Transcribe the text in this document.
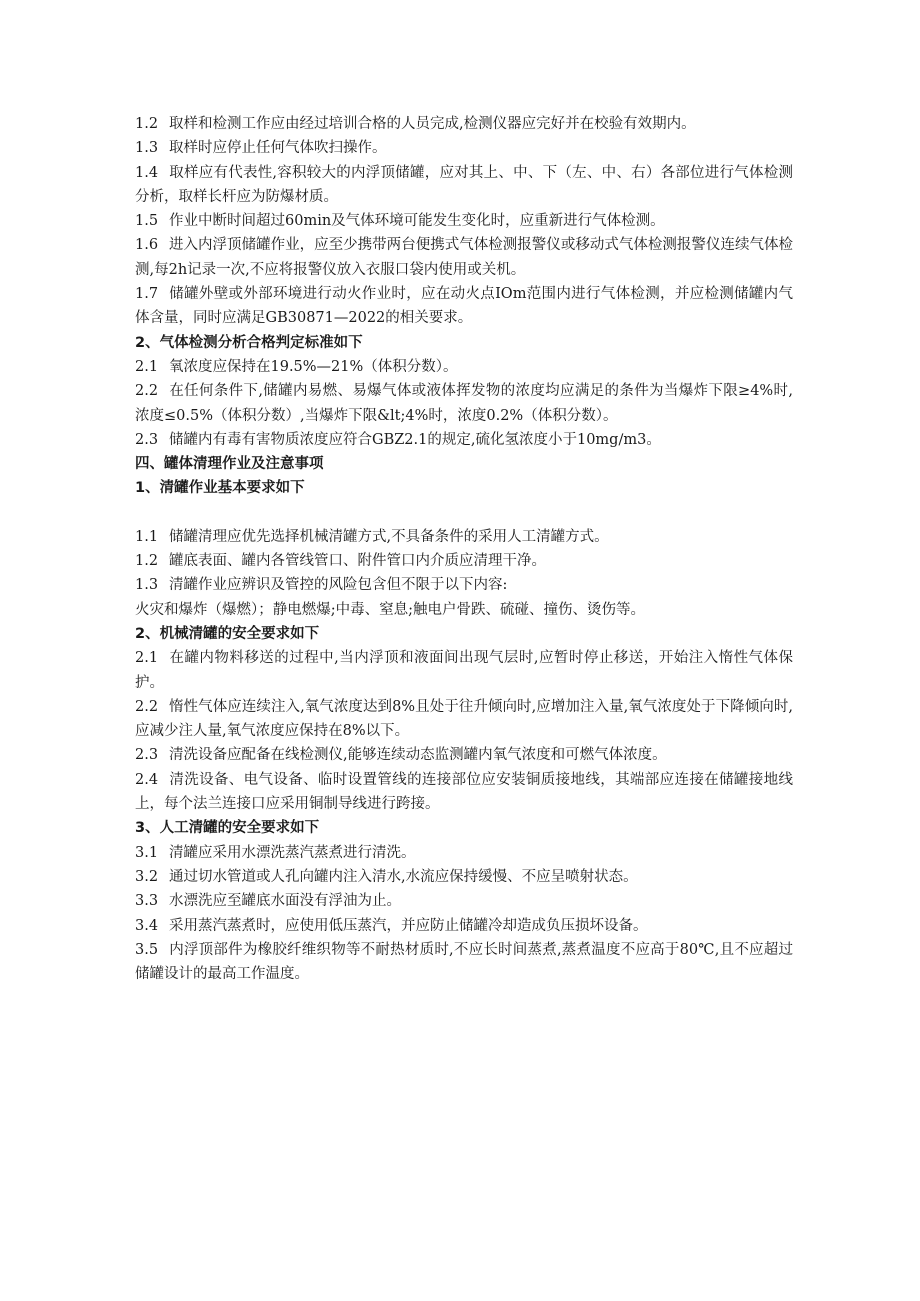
1.2 取样和检测工作应由经过培训合格的人员完成,检测仪器应完好并在校验有效期内。

1.3 取样时应停止任何气体吹扫操作。

1.4 取样应有代表性,容积较大的内浮顶储罐，应对其上、中、下（左、中、右）各部位进行气体检测分析，取样长杆应为防爆材质。

1.5 作业中断时间超过60min及气体环境可能发生变化时，应重新进行气体检测。

1.6 进入内浮顶储罐作业，应至少携带两台便携式气体检测报警仪或移动式气体检测报警仪连续气体检测,每2h记录一次,不应将报警仪放入衣服口袋内使用或关机。

1.7 储罐外壁或外部环境进行动火作业时，应在动火点IOm范围内进行气体检测，并应检测储罐内气体含量，同时应满足GB30871—2022的相关要求。

2、气体检测分析合格判定标准如下

2.1 氧浓度应保持在19.5%—21%（体积分数）。

2.2 在任何条件下,储罐内易燃、易爆气体或液体挥发物的浓度均应满足的条件为当爆炸下限≥4%时,浓度≤0.5%（体积分数）,当爆炸下限&lt;4%时，浓度0.2%（体积分数）。

2.3 储罐内有毒有害物质浓度应符合GBZ2.1的规定,硫化氢浓度小于10mg∕m3。

四、罐体清理作业及注意事项

1、清罐作业基本要求如下

1.1 储罐清理应优先选择机械清罐方式,不具备条件的采用人工清罐方式。

1.2 罐底表面、罐内各管线管口、附件管口内介质应清理干净。

1.3 清罐作业应辨识及管控的风险包含但不限于以下内容:

火灾和爆炸（爆燃）；静电燃爆;中毒、窒息;触电户骨跌、硫碰、撞伤、烫伤等。

2、机械清罐的安全要求如下

2.1 在罐内物料移送的过程中,当内浮顶和液面间出现气层时,应暂时停止移送，开始注入惰性气体保护。

2.2 惰性气体应连续注入,氧气浓度达到8%且处于往升倾向时,应增加注入量,氧气浓度处于下降倾向时,应减少注人量,氧气浓度应保持在8%以下。

2.3 清洗设备应配备在线检测仪,能够连续动态监测罐内氧气浓度和可燃气体浓度。

2.4 清洗设备、电气设备、临时设置管线的连接部位应安装铜质接地线，其端部应连接在储罐接地线上，每个法兰连接口应采用铜制导线进行跨接。

3、人工清罐的安全要求如下

3.1 清罐应采用水漂洗蒸汽蒸煮进行清洗。

3.2 通过切水管道或人孔向罐内注入清水,水流应保持缓慢、不应呈喷射状态。

3.3 水漂洗应至罐底水面没有浮油为止。

3.4 采用蒸汽蒸煮时，应使用低压蒸汽，并应防止储罐冷却造成负压损坏设备。

3.5 内浮顶部件为橡胶纤维织物等不耐热材质时,不应长时间蒸煮,蒸煮温度不应高于80℃,且不应超过储罐设计的最高工作温度。
